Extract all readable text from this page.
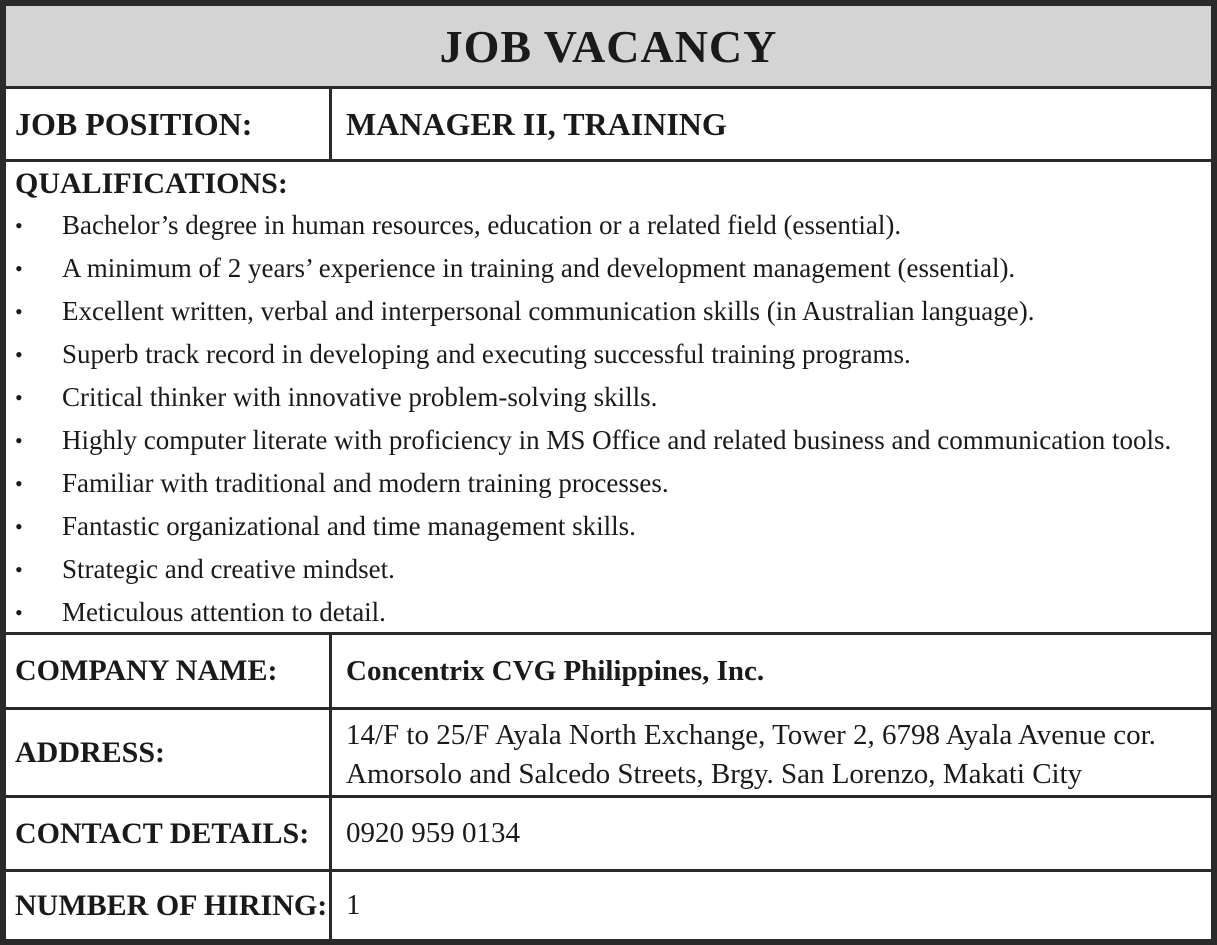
JOB VACANCY
JOB POSITION:	MANAGER II, TRAINING
QUALIFICATIONS:
•	Bachelor’s degree in human resources, education or a related field (essential).
•	A minimum of 2 years’ experience in training and development management (essential).
•	Excellent written, verbal and interpersonal communication skills (in Australian language).
•	Superb track record in developing and executing successful training programs.
•	Critical thinker with innovative problem-solving skills.
•	Highly computer literate with proficiency in MS Office and related business and communication tools.
•	Familiar with traditional and modern training processes.
•	Fantastic organizational and time management skills.
•	Strategic and creative mindset.
•	Meticulous attention to detail.
COMPANY NAME:	Concentrix CVG Philippines, Inc.
ADDRESS:
14/F to 25/F Ayala North Exchange, Tower 2, 6798 Ayala Avenue cor.
Amorsolo and Salcedo Streets, Brgy. San Lorenzo, Makati City
CONTACT DETAILS:	0920 959 0134
NUMBER OF HIRING: 1
